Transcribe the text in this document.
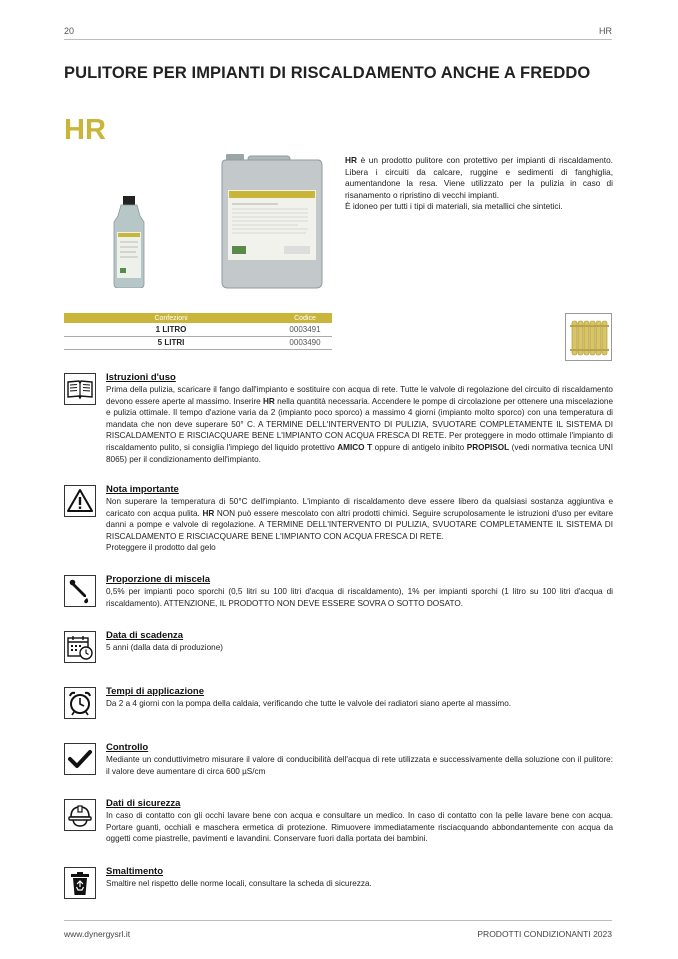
20	HR
PULITORE PER IMPIANTI DI RISCALDAMENTO ANCHE A FREDDO
HR

HR è un prodotto pulitore con protettivo per impianti di riscaldamento. Libera i circuiti da calcare, ruggine e sedimenti di fanghiglia, aumentandone la resa. Viene utilizzato per la pulizia in caso di risanamento o ripristino di vecchi impianti.

È idoneo per tutti i tipi di materiali, sia metallici che sintetici.

Confezioni	Codice
1 LITRO	0003491
5 LITRI	0003490
Istruzioni d'uso

Prima della pulizia, scaricare il fango dall'impianto e sostituire con acqua di rete. Tutte le valvole di regolazione del circuito di riscaldamento devono essere aperte al massimo. Inserire HR nella quantità necessaria. Accendere le pompe di circolazione per ottenere una miscelazione e pulizia ottimale. Il tempo d'azione varia da 2 (impianto poco sporco) a massimo 4 giorni (impianto molto sporco) con una temperatura di mandata che non deve superare 50° C. A TERMINE DELL'INTERVENTO DI PULIZIA, SVUOTARE COMPLETAMENTE IL SISTEMA DI RISCALDAMENTO E RISCIACQUARE BENE L'IMPIANTO CON ACQUA FRESCA DI RETE. Per proteggere in modo ottimale l'impianto di riscaldamento pulito, si consiglia l'impiego del liquido protettivo AMICO T oppure di antigelo inibito PROPISOL (vedi normativa tecnica UNI 8065) per il condizionamento dell'impianto.

Nota importante

Non superare la temperatura di 50°C dell'impianto. L'impianto di riscaldamento deve essere libero da qualsiasi sostanza aggiuntiva e caricato con acqua pulita. HR NON può essere mescolato con altri prodotti chimici. Seguire scrupolosamente le istruzioni d'uso per evitare danni a pompe e valvole di regolazione. A TERMINE DELL'INTERVENTO DI PULIZIA, SVUOTARE COMPLETAMENTE IL SISTEMA DI RISCALDAMENTO E RISCIACQUARE BENE L'IMPIANTO CON ACQUA FRESCA DI RETE.

Proteggere il prodotto dal gelo

Proporzione di miscela

0,5% per impianti poco sporchi (0,5 litri su 100 litri d'acqua di riscaldamento), 1% per impianti sporchi (1 litro su 100 litri d'acqua di riscaldamento). ATTENZIONE, IL PRODOTTO NON DEVE ESSERE SOVRA O SOTTO DOSATO.

Data di scadenza

5 anni (dalla data di produzione)

Tempi di applicazione

Da 2 a 4 giorni con la pompa della caldaia, verificando che tutte le valvole dei radiatori siano aperte al massimo.

Controllo

Mediante un conduttivimetro misurare il valore di conducibilità dell'acqua di rete utilizzata e successivamente della soluzione con il pulitore: il valore deve aumentare di circa 600 µS/cm

Dati di sicurezza

In caso di contatto con gli occhi lavare bene con acqua e consultare un medico. In caso di contatto con la pelle lavare bene con acqua. Portare guanti, occhiali e maschera ermetica di protezione. Rimuovere immediatamente risciacquando abbondantemente con acqua da oggetti come piastrelle, pavimenti e lavandini. Conservare fuori dalla portata dei bambini.

Smaltimento

Smaltire nel rispetto delle norme locali, consultare la scheda di sicurezza.

www.dynergysrl.it	PRODOTTI CONDIZIONANTI 2023
